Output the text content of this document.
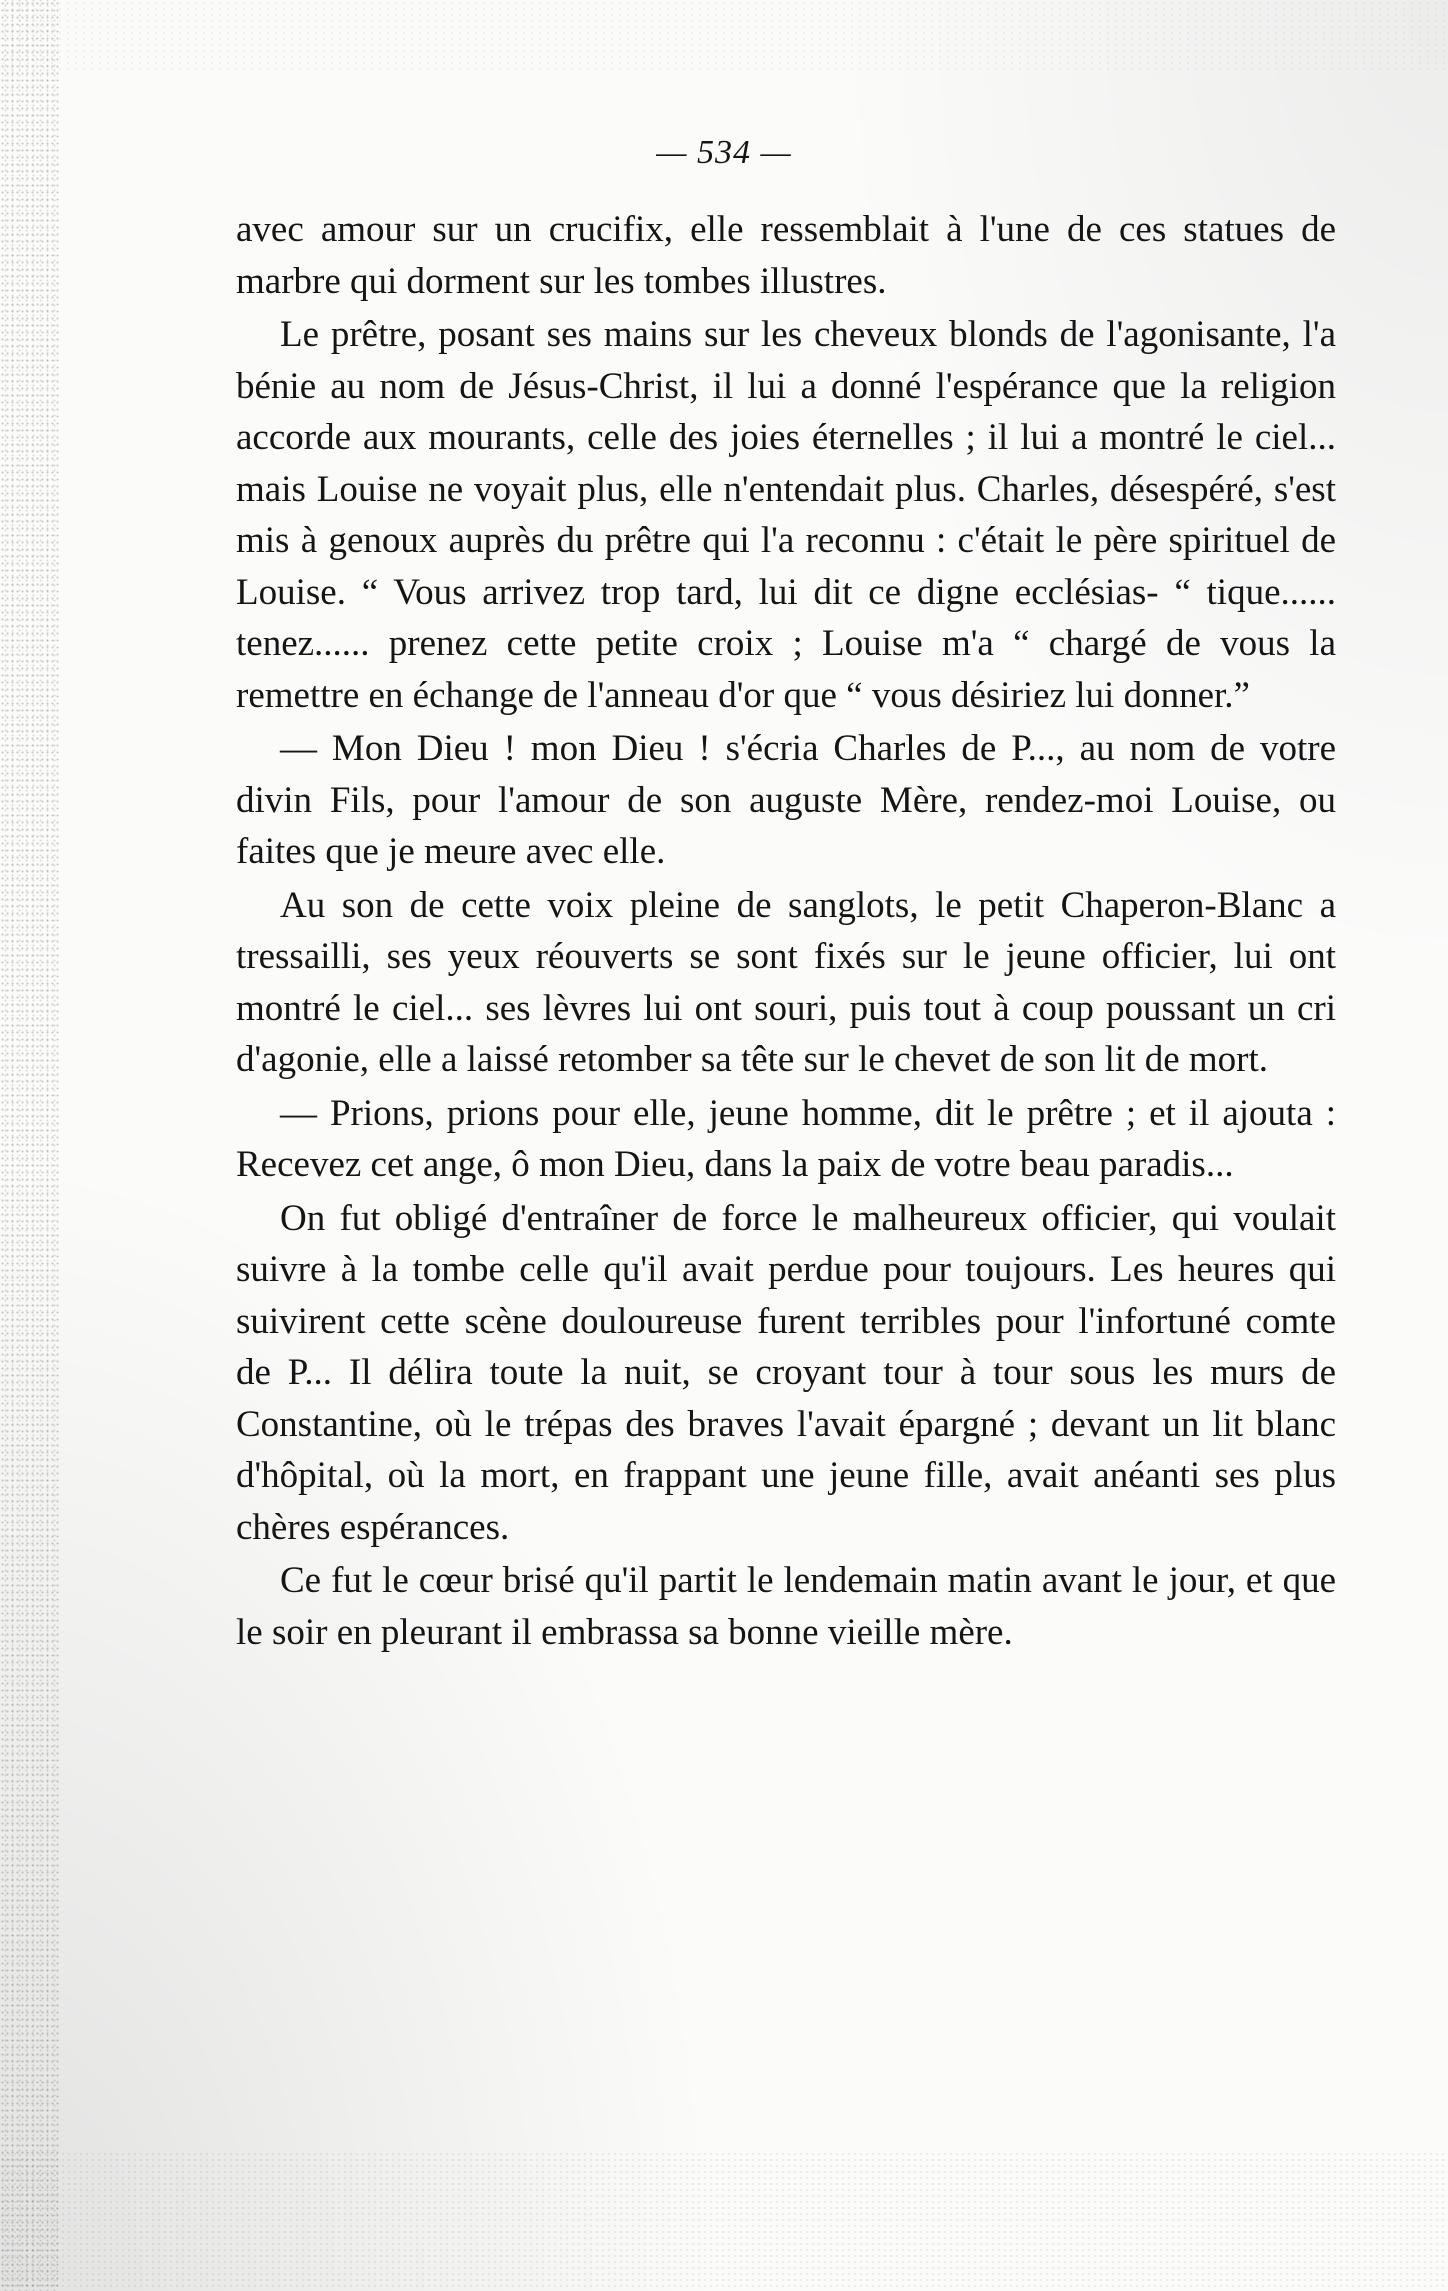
— 534 —

avec amour sur un crucifix, elle ressemblait à l'une de ces statues de marbre qui dorment sur les tombes illustres.

Le prêtre, posant ses mains sur les cheveux blonds de l'agonisante, l'a bénie au nom de Jésus-Christ, il lui a donné l'espérance que la religion accorde aux mourants, celle des joies éternelles ; il lui a montré le ciel... mais Louise ne voyait plus, elle n'entendait plus. Charles, désespéré, s'est mis à genoux auprès du prêtre qui l'a reconnu : c'était le père spirituel de Louise. “ Vous arrivez trop tard, lui dit ce digne ecclésias- “ tique...... tenez...... prenez cette petite croix ; Louise m'a “ chargé de vous la remettre en échange de l'anneau d'or que “ vous désiriez lui donner.”

— Mon Dieu ! mon Dieu ! s'écria Charles de P..., au nom de votre divin Fils, pour l'amour de son auguste Mère, rendez-moi Louise, ou faites que je meure avec elle.

Au son de cette voix pleine de sanglots, le petit Chaperon-Blanc a tressailli, ses yeux réouverts se sont fixés sur le jeune officier, lui ont montré le ciel... ses lèvres lui ont souri, puis tout à coup poussant un cri d'agonie, elle a laissé retomber sa tête sur le chevet de son lit de mort.

— Prions, prions pour elle, jeune homme, dit le prêtre ; et il ajouta : Recevez cet ange, ô mon Dieu, dans la paix de votre beau paradis...

On fut obligé d'entraîner de force le malheureux officier, qui voulait suivre à la tombe celle qu'il avait perdue pour toujours. Les heures qui suivirent cette scène douloureuse furent terribles pour l'infortuné comte de P... Il délira toute la nuit, se croyant tour à tour sous les murs de Constantine, où le trépas des braves l'avait épargné ; devant un lit blanc d'hôpital, où la mort, en frappant une jeune fille, avait anéanti ses plus chères espérances.

Ce fut le cœur brisé qu'il partit le lendemain matin avant le jour, et que le soir en pleurant il embrassa sa bonne vieille mère.
